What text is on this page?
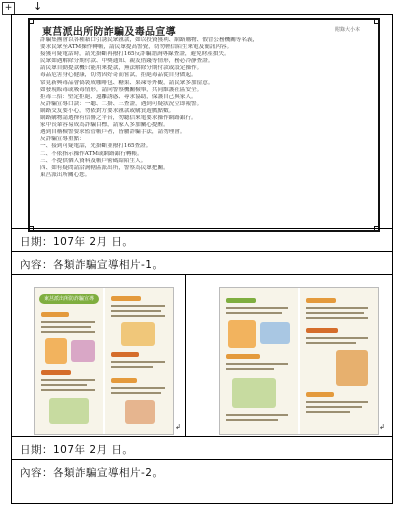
+ ↓
東莒派出所防詐騙及毒品宣導	附錄大小本
詐騙集團會以各種藉口引誘民眾匯款，如以投資獲利、網路購物、假冒公務機關等名義，
要求民眾至ATM操作轉帳，請民眾提高警覺，切勿輕信陌生來電及簡訊內容。
接獲可疑電話時，請先掛斷再撥打165反詐騙諮詢專線查證，避免財產損失。
民眾如遇解除分期付款、中獎通知、親友借錢等情形，務必冷靜查證。
請民眾自動提款機只能用來提款，無法解除分期付款或設定操作。
毒品危害身心健康，切勿因好奇而嘗試，拒絕毒品從自身做起。
常見新興毒品會偽裝成咖啡包、糖果、果凍等外觀，請民眾多加留意。
如發現販毒或吸毒情形，請向警察機關檢舉，共同維護社區安全。
拒毒三招：堅定拒絕、遠離誘惑、尋求協助，保護自己與家人。
反詐騙宣導口訣：一聽、二掛、三查證，遇到可疑狀況立即報警。
網路交友要小心，勿依對方要求匯款或購買遊戲點數。
網路購物請選擇有信譽之平台，勿聽信來電要求操作網路銀行。
家中長輩容易成為詐騙目標，請家人多加關心提醒。
遇到自稱檢警要求監管帳戶者，皆屬詐騙手法，請勿理會。
反詐騙宣導重點：
一、接到可疑電話，先掛斷並撥打165查證。
二、不依指示操作ATM或網路銀行轉帳。
三、不提供個人資料及帳戶密碼給陌生人。
四、如有疑問請洽詢轄區派出所，警察為民眾把關。
東莒派出所關心您。
日期：107年 2月 日。
內容：各類詐騙宣導相片-1。
東莒派出所防詐騙宣導
↲	↲
日期：107年 2月 日。
內容：各類詐騙宣導相片-2。
